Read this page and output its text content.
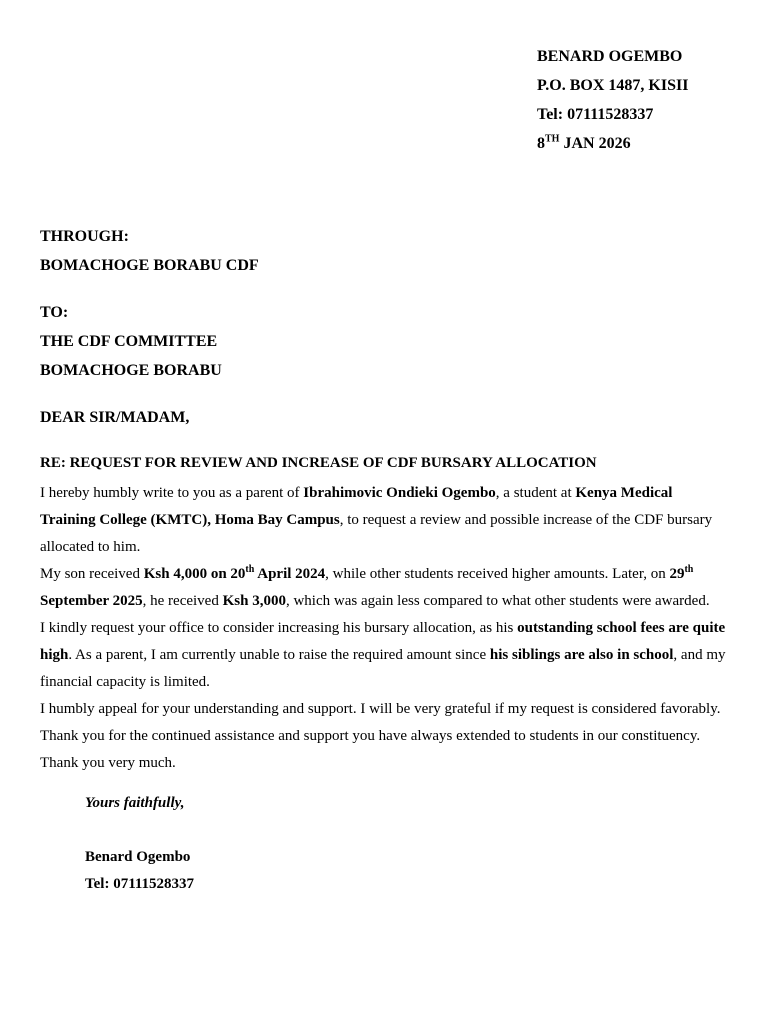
BENARD OGEMBO
P.O. BOX 1487, KISII
Tel: 07111528337
8TH JAN 2026
THROUGH:
BOMACHOGE BORABU CDF
TO:
THE CDF COMMITTEE
BOMACHOGE BORABU
DEAR SIR/MADAM,
RE: REQUEST FOR REVIEW AND INCREASE OF CDF BURSARY ALLOCATION

I hereby humbly write to you as a parent of Ibrahimovic Ondieki Ogembo, a student at Kenya Medical Training College (KMTC), Homa Bay Campus, to request a review and possible increase of the CDF bursary allocated to him.

My son received Ksh 4,000 on 20th April 2024, while other students received higher amounts. Later, on 29th September 2025, he received Ksh 3,000, which was again less compared to what other students were awarded.

I kindly request your office to consider increasing his bursary allocation, as his outstanding school fees are quite high. As a parent, I am currently unable to raise the required amount since his siblings are also in school, and my financial capacity is limited.

I humbly appeal for your understanding and support. I will be very grateful if my request is considered favorably.

Thank you for the continued assistance and support you have always extended to students in our constituency.

Thank you very much.

Yours faithfully,
Benard Ogembo
Tel: 07111528337
